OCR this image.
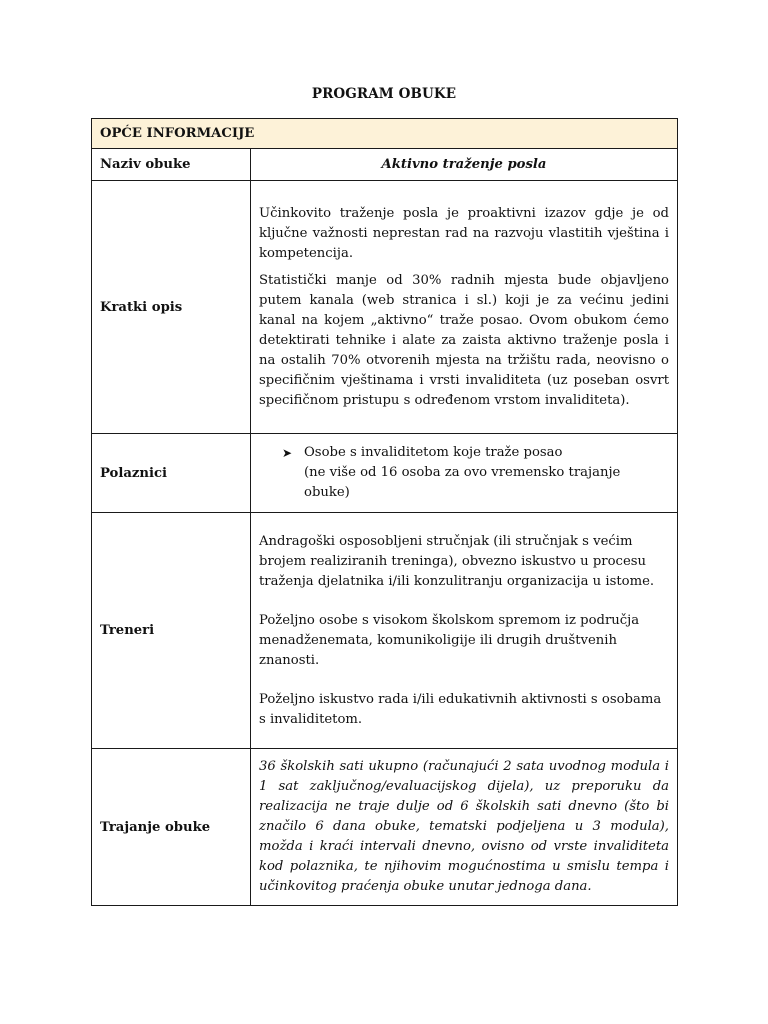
PROGRAM OBUKE
OPĆE INFORMACIJE	
Naziv obuke	Aktivno traženje posla
Kratki opis	Učinkovito traženje posla je proaktivni izazov gdje je od ključne važnosti neprestan rad na razvoju vlastitih vještina i kompetencija.

Statistički manje od 30% radnih mjesta bude objavljeno putem kanala (web stranica i sl.) koji je za većinu jedini kanal na kojem „aktivno“ traže posao. Ovom obukom ćemo detektirati tehnike i alate za zaista aktivno traženje posla i na ostalih 70% otvorenih mjesta na tržištu rada, neovisno o specifičnim vještinama i vrsti invaliditeta (uz poseban osvrt specifičnom pristupu s određenom vrstom invaliditeta).

Polaznici	➤ Osobe s invaliditetom koje traže posao
(ne više od 16 osoba za ovo vremensko trajanje obuke)

Treneri	Andragoški osposobljeni stručnjak (ili stručnjak s većim brojem realiziranih treninga), obvezno iskustvo u procesu traženja djelatnika i/ili konzulitranju organizacija u istome.

Poželjno osobe s visokom školskom spremom iz područja menadženemata, komunikoligije ili drugih društvenih znanosti.

Poželjno iskustvo rada i/ili edukativnih aktivnosti s osobama s invaliditetom.

Trajanje obuke	36 školskih sati ukupno (računajući 2 sata uvodnog modula i 1 sat zaključnog/evaluacijskog dijela), uz preporuku da realizacija ne traje dulje od 6 školskih sati dnevno (što bi značilo 6 dana obuke, tematski podjeljena u 3 modula), možda i kraći intervali dnevno, ovisno od vrste invaliditeta kod polaznika, te njihovim mogućnostima u smislu tempa i učinkovitog praćenja obuke unutar jednoga dana.
